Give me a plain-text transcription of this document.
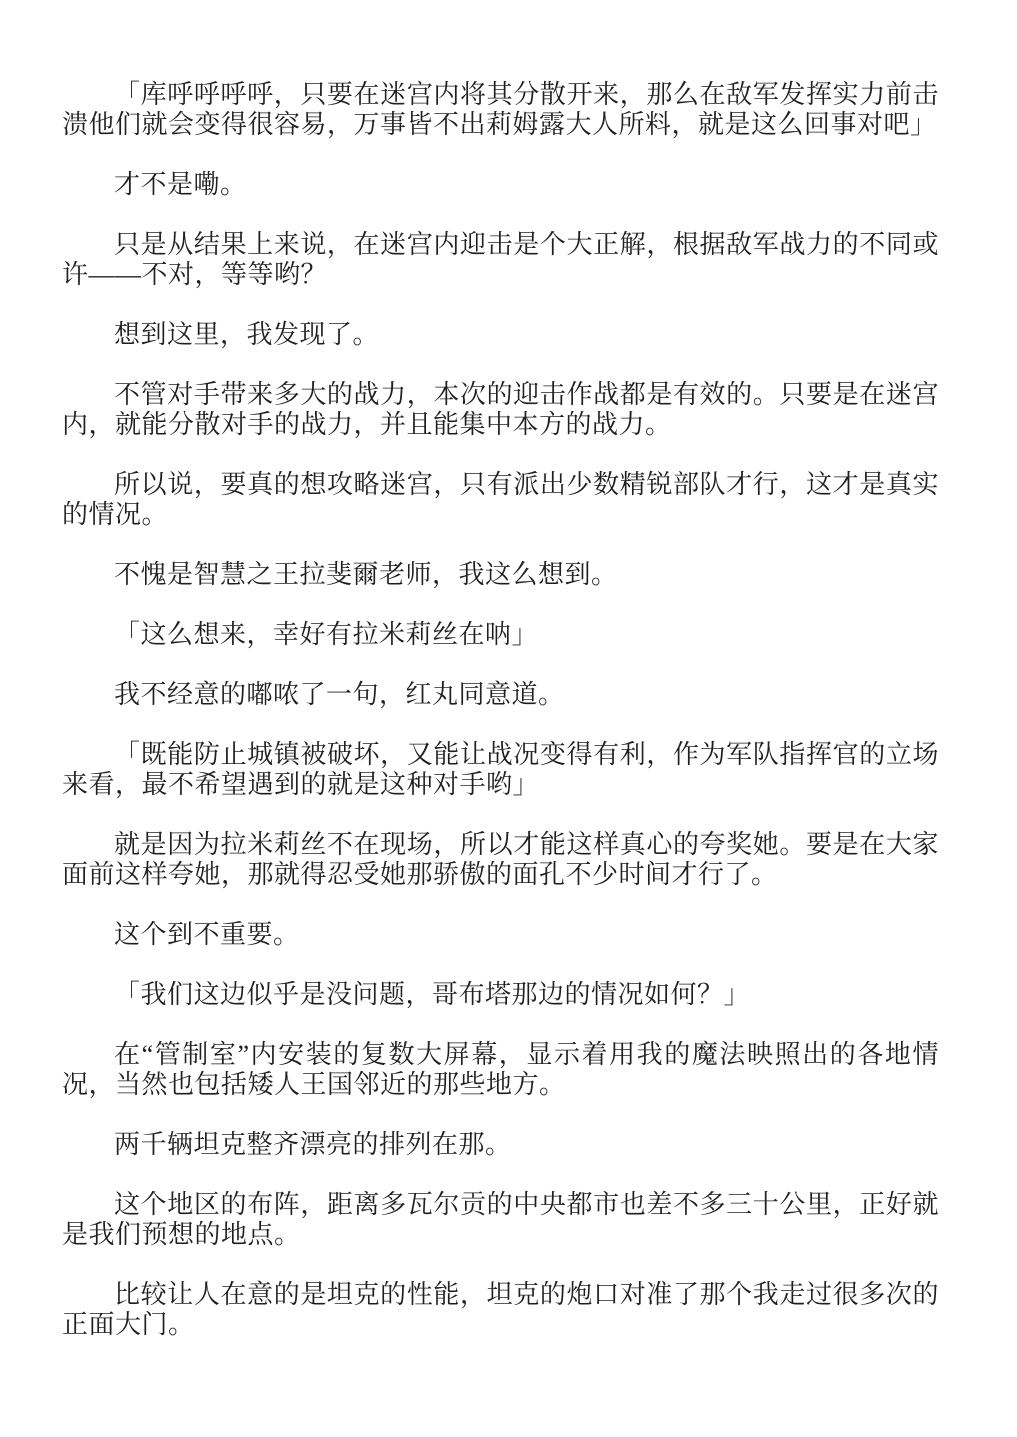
「库呼呼呼呼，只要在迷宫内将其分散开来，那么在敌军发挥实力前击溃他们就会变得很容易，万事皆不出莉姆露大人所料，就是这么回事对吧」

才不是嘞。

只是从结果上来说，在迷宫内迎击是个大正解，根据敌军战力的不同或许——不对，等等哟？

想到这里，我发现了。

不管对手带来多大的战力，本次的迎击作战都是有效的。只要是在迷宫内，就能分散对手的战力，并且能集中本方的战力。

所以说，要真的想攻略迷宫，只有派出少数精锐部队才行，这才是真实的情况。

不愧是智慧之王拉斐爾老师，我这么想到。

「这么想来，幸好有拉米莉丝在呐」

我不经意的嘟哝了一句，红丸同意道。

「既能防止城镇被破坏，又能让战况变得有利，作为军队指挥官的立场来看，最不希望遇到的就是这种对手哟」

就是因为拉米莉丝不在现场，所以才能这样真心的夸奖她。要是在大家面前这样夸她，那就得忍受她那骄傲的面孔不少时间才行了。

这个到不重要。

「我们这边似乎是没问题，哥布塔那边的情况如何？」

在“管制室”内安装的复数大屏幕，显示着用我的魔法映照出的各地情况，当然也包括矮人王国邻近的那些地方。

两千辆坦克整齐漂亮的排列在那。

这个地区的布阵，距离多瓦尔贡的中央都市也差不多三十公里，正好就是我们预想的地点。

比较让人在意的是坦克的性能，坦克的炮口对准了那个我走过很多次的正面大门。
